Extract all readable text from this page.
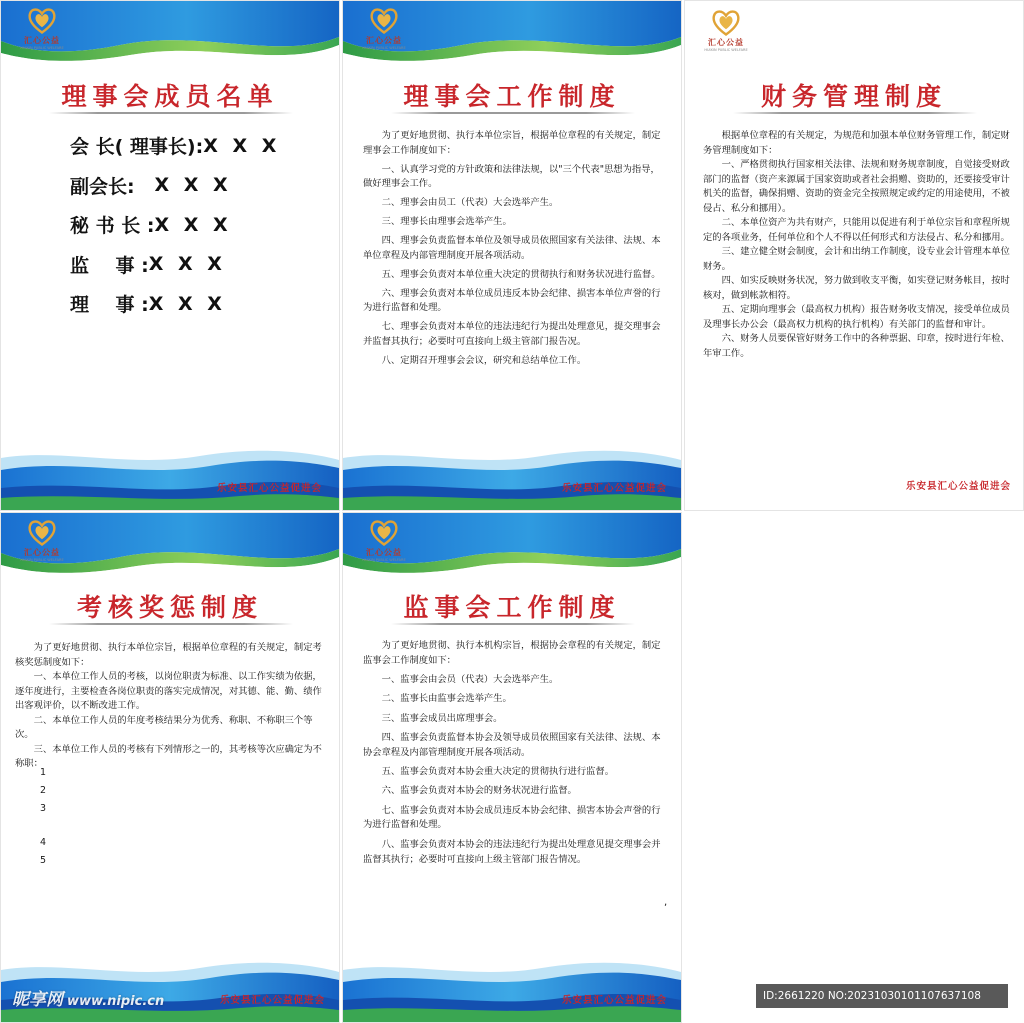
汇心公益
HUIXIN PUBLIC WELFARE
理事会成员名单
会 长( 理事长): X X X
副会长: X X X
秘 书 长 : X X X
监    事 : X X X
理    事 : X X X
乐安县汇心公益促进会
汇心公益
HUIXIN PUBLIC WELFARE
理事会工作制度

为了更好地贯彻、执行本单位宗旨，根据单位章程的有关规定，制定理事会工作制度如下：

一、认真学习党的方针政策和法律法规，以"三个代表"思想为指导，做好理事会工作。

二、理事会由员工（代表）大会选举产生。

三、理事长由理事会选举产生。

四、理事会负责监督本单位及领导成员依照国家有关法律、法规、本单位章程及内部管理制度开展各项活动。

五、理事会负责对本单位重大决定的贯彻执行和财务状况进行监督。

六、理事会负责对本单位成员违反本协会纪律、损害本单位声誉的行为进行监督和处理。

七、理事会负责对本单位的违法违纪行为提出处理意见，提交理事会并监督其执行；必要时可直接向上级主管部门报告况。

八、定期召开理事会会议，研究和总结单位工作。

乐安县汇心公益促进会
汇心公益
HUIXIN PUBLIC WELFARE
财务管理制度

根据单位章程的有关规定，为规范和加强本单位财务管理工作，制定财务管理制度如下：

一、严格贯彻执行国家相关法律、法规和财务规章制度，自觉接受财政部门的监督（资产来源属于国家资助或者社会捐赠、资助的，还要接受审计机关的监督，确保捐赠、资助的资金完全按照规定或约定的用途使用，不被侵占、私分和挪用）。

二、本单位资产为共有财产，只能用以促进有利于单位宗旨和章程所规定的各项业务，任何单位和个人不得以任何形式和方法侵占、私分和挪用。

三、建立健全财会制度，会计和出纳工作制度，设专业会计管理本单位财务。

四、如实反映财务状况，努力做到收支平衡，如实登记财务帐目，按时核对，做到帐款相符。

五、定期向理事会（最高权力机构）报告财务收支情况，接受单位成员及理事长办公会（最高权力机构的执行机构）有关部门的监督和审计。

六、财务人员要保管好财务工作中的各种票据、印章，按时进行年检、年审工作。

乐安县汇心公益促进会
汇心公益
HUIXIN PUBLIC WELFARE
考核奖惩制度

为了更好地贯彻、执行本单位宗旨，根据单位章程的有关规定，制定考核奖惩制度如下：

一、本单位工作人员的考核，以岗位职责为标准、以工作实绩为依据，逐年度进行，主要检查各岗位职责的落实完成情况，对其德、能、勤、绩作出客观评价，以不断改进工作。

二、本单位工作人员的年度考核结果分为优秀、称职、不称职三个等次。

三、本单位工作人员的考核有下列情形之一的，其考核等次应确定为不称职：

乐安县汇心公益促进会
1
2
3
4
5
汇心公益
HUIXIN PUBLIC WELFARE
监事会工作制度

为了更好地贯彻、执行本机构宗旨，根据协会章程的有关规定，制定监事会工作制度如下：

一、监事会由会员（代表）大会选举产生。

二、监事长由监事会选举产生。

三、监事会成员出席理事会。

四、监事会负责监督本协会及领导成员依照国家有关法律、法规、本协会章程及内部管理制度开展各项活动。

五、监事会负责对本协会重大决定的贯彻执行进行监督。

六、监事会负责对本协会的财务状况进行监督。

七、监事会负责对本协会成员违反本协会纪律、损害本协会声誉的行为进行监督和处理。

八、监事会负责对本协会的违法违纪行为提出处理意见提交理事会并监督其执行；必要时可直接向上级主管部门报告情况。

乐安县汇心公益促进会
,
昵享网 www.nipic.cn	ID:2661220 NO:20231030101107637108
